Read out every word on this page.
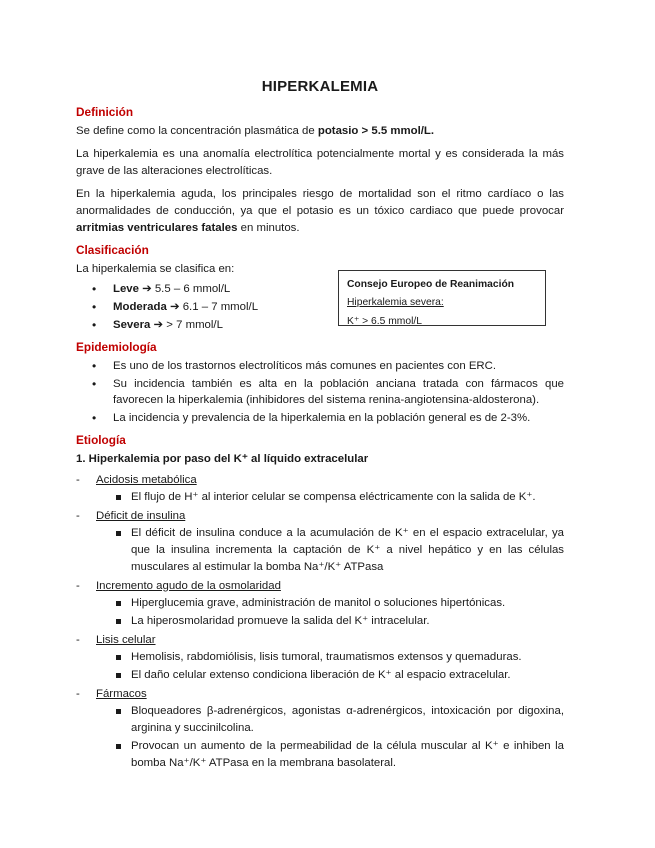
HIPERKALEMIA
Definición

Se define como la concentración plasmática de potasio > 5.5 mmol/L.

La hiperkalemia es una anomalía electrolítica potencialmente mortal y es considerada la más grave de las alteraciones electrolíticas.

En la hiperkalemia aguda, los principales riesgo de mortalidad son el ritmo cardíaco o las anormalidades de conducción, ya que el potasio es un tóxico cardiaco que puede provocar arritmias ventriculares fatales en minutos.

Clasificación

La hiperkalemia se clasifica en:

• Leve ➔ 5.5 – 6 mmol/L
• Moderada ➔ 6.1 – 7 mmol/L
• Severa ➔ > 7 mmol/L
Consejo Europeo de Reanimación
Hiperkalemia severa:
K⁺ > 6.5 mmol/L
Epidemiología
• Es uno de los trastornos electrolíticos más comunes en pacientes con ERC.
• Su incidencia también es alta en la población anciana tratada con fármacos que favorecen la hiperkalemia (inhibidores del sistema renina-angiotensina-aldosterona).
• La incidencia y prevalencia de la hiperkalemia en la población general es de 2-3%.
Etiología
1. Hiperkalemia por paso del K⁺ al líquido extracelular
- Acidosis metabólica
El flujo de H⁺ al interior celular se compensa eléctricamente con la salida de K⁺.
- Déficit de insulina
El déficit de insulina conduce a la acumulación de K⁺ en el espacio extracelular, ya que la insulina incrementa la captación de K⁺ a nivel hepático y en las células musculares al estimular la bomba Na⁺/K⁺ ATPasa
- Incremento agudo de la osmolaridad
Hiperglucemia grave, administración de manitol o soluciones hipertónicas.
La hiperosmolaridad promueve la salida del K⁺ intracelular.
- Lisis celular
Hemolisis, rabdomiólisis, lisis tumoral, traumatismos extensos y quemaduras.
El daño celular extenso condiciona liberación de K⁺ al espacio extracelular.
- Fármacos
Bloqueadores β-adrenérgicos, agonistas α-adrenérgicos, intoxicación por digoxina, arginina y succinilcolina.
Provocan un aumento de la permeabilidad de la célula muscular al K⁺ e inhiben la bomba Na⁺/K⁺ ATPasa en la membrana basolateral.
